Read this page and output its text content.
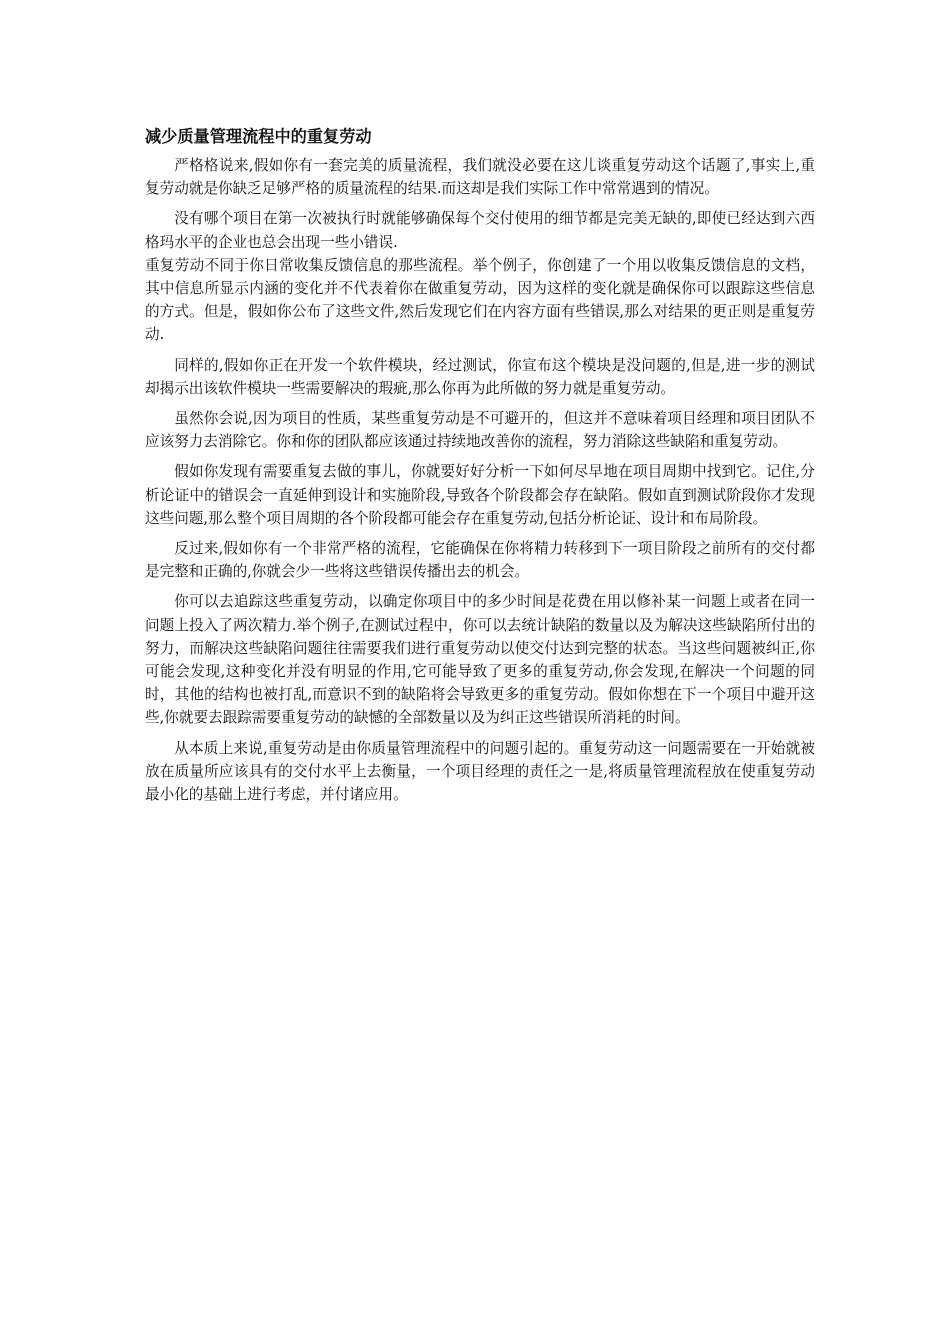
减少质量管理流程中的重复劳动

严格格说来,假如你有一套完美的质量流程，我们就没必要在这儿谈重复劳动这个话题了,事实上,重复劳动就是你缺乏足够严格的质量流程的结果.而这却是我们实际工作中常常遇到的情况。

没有哪个项目在第一次被执行时就能够确保每个交付使用的细节都是完美无缺的,即使已经达到六西格玛水平的企业也总会出现一些小错误.

重复劳动不同于你日常收集反馈信息的那些流程。举个例子，你创建了一个用以收集反馈信息的文档，其中信息所显示内涵的变化并不代表着你在做重复劳动，因为这样的变化就是确保你可以跟踪这些信息的方式。但是，假如你公布了这些文件,然后发现它们在内容方面有些错误,那么对结果的更正则是重复劳动.

同样的,假如你正在开发一个软件模块，经过测试，你宣布这个模块是没问题的,但是,进一步的测试却揭示出该软件模块一些需要解决的瑕疵,那么你再为此所做的努力就是重复劳动。

虽然你会说,因为项目的性质，某些重复劳动是不可避开的，但这并不意味着项目经理和项目团队不应该努力去消除它。你和你的团队都应该通过持续地改善你的流程，努力消除这些缺陷和重复劳动。

假如你发现有需要重复去做的事儿，你就要好好分析一下如何尽早地在项目周期中找到它。记住,分析论证中的错误会一直延伸到设计和实施阶段,导致各个阶段都会存在缺陷。假如直到测试阶段你才发现这些问题,那么整个项目周期的各个阶段都可能会存在重复劳动,包括分析论证、设计和布局阶段。

反过来,假如你有一个非常严格的流程，它能确保在你将精力转移到下一项目阶段之前所有的交付都是完整和正确的,你就会少一些将这些错误传播出去的机会。

你可以去追踪这些重复劳动，以确定你项目中的多少时间是花费在用以修补某一问题上或者在同一问题上投入了两次精力.举个例子,在测试过程中，你可以去统计缺陷的数量以及为解决这些缺陷所付出的努力，而解决这些缺陷问题往往需要我们进行重复劳动以使交付达到完整的状态。当这些问题被纠正,你可能会发现,这种变化并没有明显的作用,它可能导致了更多的重复劳动,你会发现,在解决一个问题的同时，其他的结构也被打乱,而意识不到的缺陷将会导致更多的重复劳动。假如你想在下一个项目中避开这些,你就要去跟踪需要重复劳动的缺憾的全部数量以及为纠正这些错误所消耗的时间。

从本质上来说,重复劳动是由你质量管理流程中的问题引起的。重复劳动这一问题需要在一开始就被放在质量所应该具有的交付水平上去衡量，一个项目经理的责任之一是,将质量管理流程放在使重复劳动最小化的基础上进行考虑，并付诸应用。
